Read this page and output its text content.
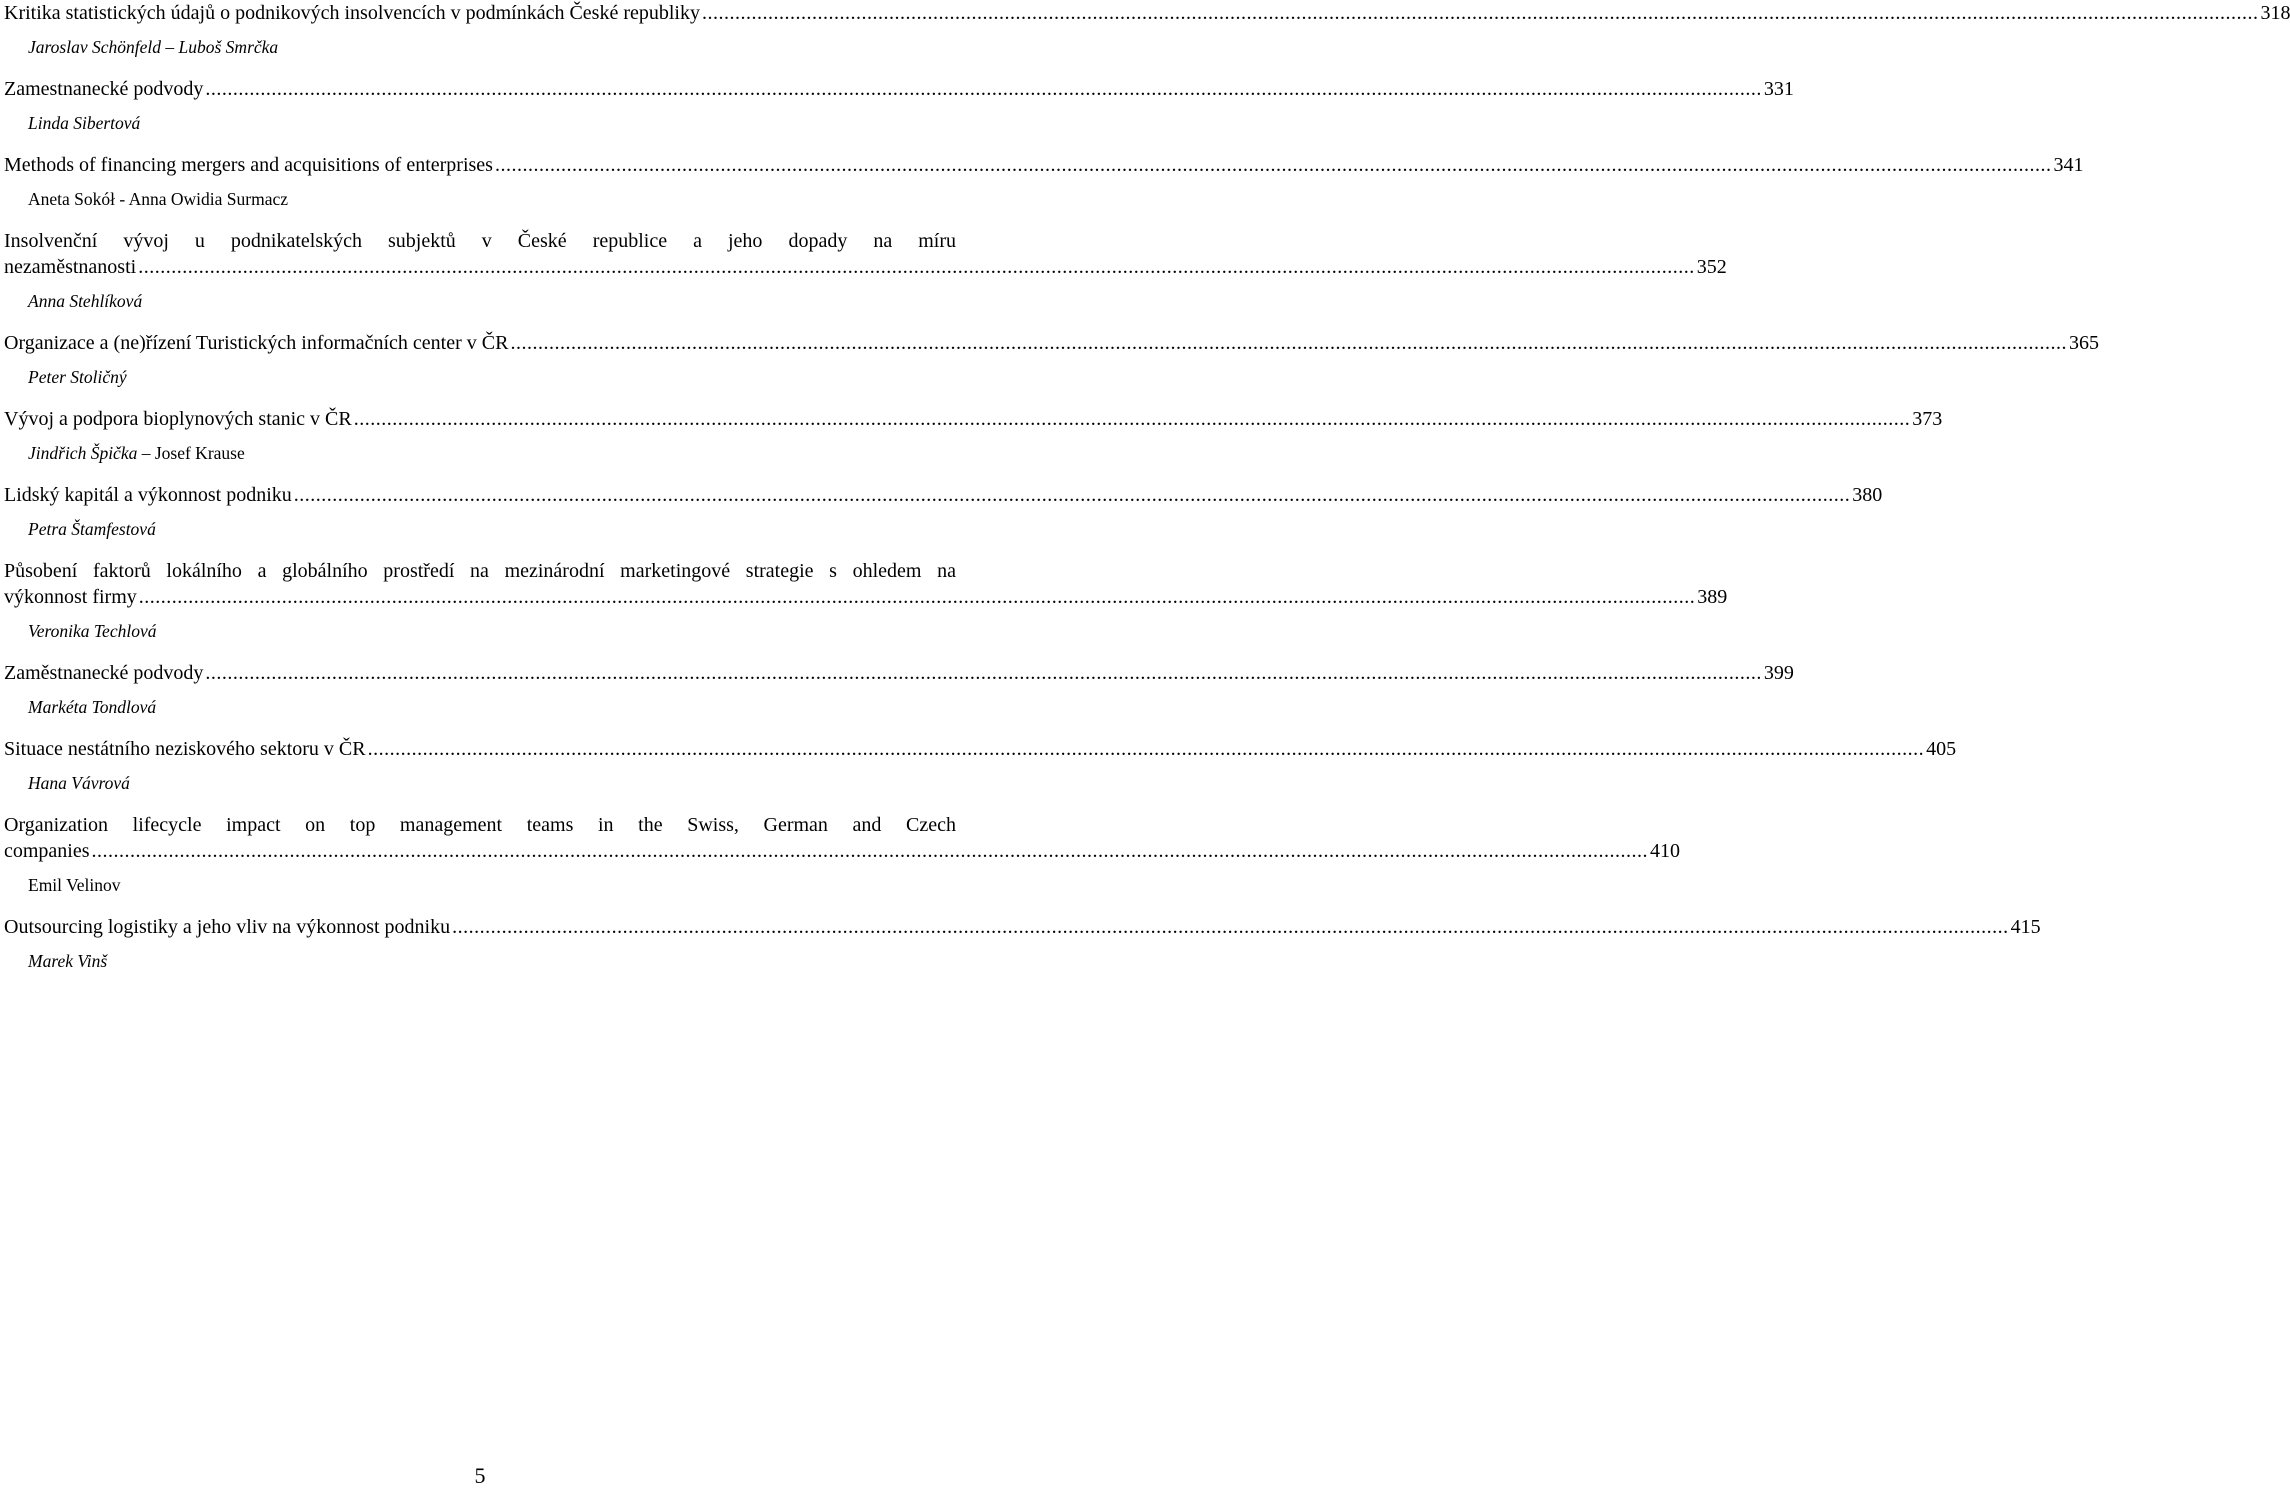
Kritika statistických údajů o podnikových insolvencích v podmínkách České republiky ........................................................................................................................................................................................................................................................................................... 318
Jaroslav Schönfeld – Luboš Smrčka
Zamestnanecké podvody ........................................................................................................................................................................................................................................................................................... 331
Linda Sibertová
Methods of financing mergers and acquisitions of enterprises ........................................................................................................................................................................................................................................................................................... 341
Aneta Sokół - Anna Owidia Surmacz
Insolvenční vývoj u podnikatelských subjektů v České republice a jeho dopady na míru
nezaměstnanosti ........................................................................................................................................................................................................................................................................................... 352
Anna Stehlíková
Organizace a (ne)řízení Turistických informačních center v ČR ........................................................................................................................................................................................................................................................................................... 365
Peter Stoličný
Vývoj a podpora bioplynových stanic v ČR ........................................................................................................................................................................................................................................................................................... 373
Jindřich Špička – Josef Krause
Lidský kapitál a výkonnost podniku ........................................................................................................................................................................................................................................................................................... 380
Petra Štamfestová
Působení faktorů lokálního a globálního prostředí na mezinárodní marketingové strategie s ohledem na
výkonnost firmy ........................................................................................................................................................................................................................................................................................... 389
Veronika Techlová
Zaměstnanecké podvody ........................................................................................................................................................................................................................................................................................... 399
Markéta Tondlová
Situace nestátního neziskového sektoru v ČR ........................................................................................................................................................................................................................................................................................... 405
Hana Vávrová
Organization lifecycle impact on top management teams in the Swiss, German and Czech
companies ........................................................................................................................................................................................................................................................................................... 410
Emil Velinov
Outsourcing logistiky a jeho vliv na výkonnost podniku ........................................................................................................................................................................................................................................................................................... 415
Marek Vinš
5
